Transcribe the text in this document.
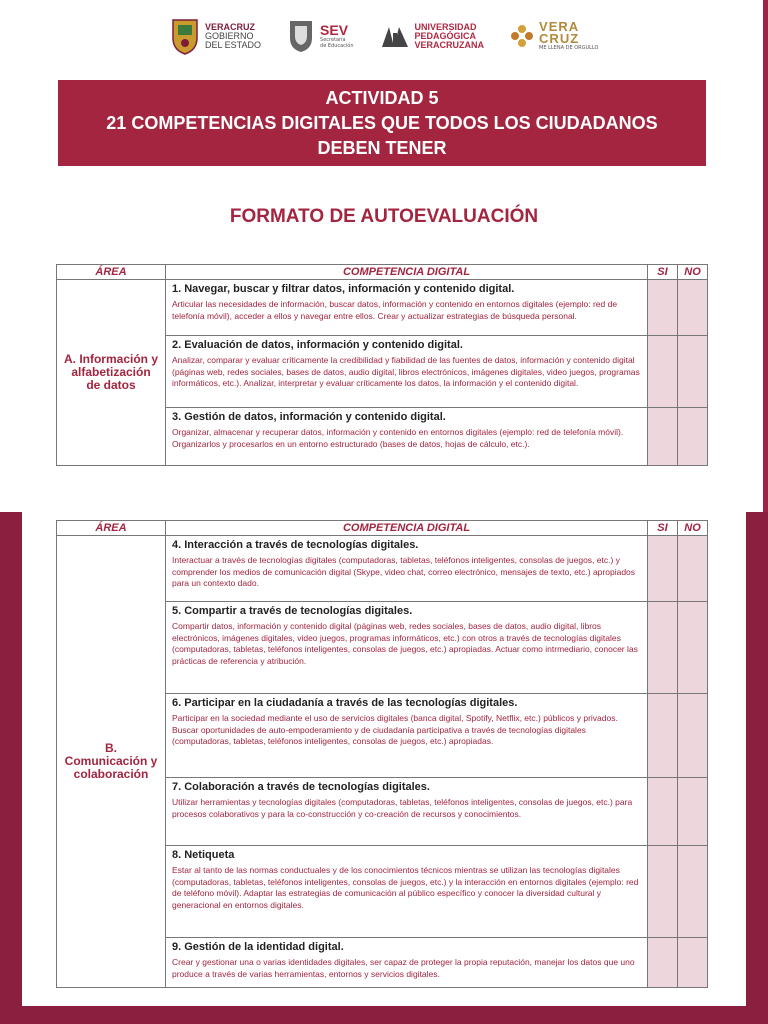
VERACRUZ
GOBIERNO
DEL ESTADO
SEV
Secretaría
de Educación
UNIVERSIDAD
PEDAGÓGICA
VERACRUZANA
VERA
CRUZ
ME LLENA DE ORGULLO
ACTIVIDAD 5
21 COMPETENCIAS DIGITALES QUE TODOS LOS CIUDADANOS
DEBEN TENER
FORMATO DE AUTOEVALUACIÓN
ÁREA	COMPETENCIA DIGITAL	SI	NO
A. Información y alfabetización de datos	1. Navegar, buscar y filtrar datos, información y contenido digital.
Articular las necesidades de información, buscar datos, información y contenido en entornos digitales (ejemplo: red de telefonía móvil), acceder a ellos y navegar entre ellos. Crear y actualizar estrategias de búsqueda personal.		

	2. Evaluación de datos, información y contenido digital.
Analizar, comparar y evaluar críticamente la credibilidad y fiabilidad de las fuentes de datos, información y contenido digital (páginas web, redes sociales, bases de datos, audio digital, libros electrónicos, imágenes digitales, video juegos, programas informáticos, etc.). Analizar, interpretar y evaluar críticamente los datos, la información y el contenido digital.		

	3. Gestión de datos, información y contenido digital.
Organizar, almacenar y recuperar datos, información y contenido en entornos digitales (ejemplo: red de telefonía móvil). Organizarlos y procesarlos en un entorno estructurado (bases de datos, hojas de cálculo, etc.).		

ÁREA	COMPETENCIA DIGITAL	SI	NO
B. Comunicación y colaboración	4. Interacción a través de tecnologías digitales.
Interactuar a través de tecnologías digitales (computadoras, tabletas, teléfonos inteligentes, consolas de juegos, etc.) y comprender los medios de comunicación digital (Skype, video chat, correo electrónico, mensajes de texto, etc.) apropiados para un contexto dado.		

	5. Compartir a través de tecnologías digitales.
Compartir datos, información y contenido digital (páginas web, redes sociales, bases de datos, audio digital, libros electrónicos, imágenes digitales, video juegos, programas informáticos, etc.) con otros a través de tecnologías digitales (computadoras, tabletas, teléfonos inteligentes, consolas de juegos, etc.) apropiadas. Actuar como intrmediario, conocer las prácticas de referencia y atribución.		

	6. Participar en la ciudadanía a través de las tecnologías digitales.
Participar en la sociedad mediante el uso de servicios digitales (banca digital, Spotify, Netflix, etc.) públicos y privados. Buscar oportunidades de auto-empoderamiento y de ciudadanía participativa a través de tecnologías digitales (computadoras, tabletas, teléfonos inteligentes, consolas de juegos, etc.) apropiadas.		

	7. Colaboración a través de tecnologías digitales.
Utilizar herramientas y tecnologías digitales (computadoras, tabletas, teléfonos inteligentes, consolas de juegos, etc.) para procesos colaborativos y para la co-construcción y co-creación de recursos y conocimientos.		

	8. Netiqueta
Estar al tanto de las normas conductuales y de los conocimientos técnicos mientras se utilizan las tecnologías digitales (computadoras, tabletas, teléfonos inteligentes, consolas de juegos, etc.) y la interacción en entornos digitales (ejemplo: red de teléfono móvil). Adaptar las estrategias de comunicación al público específico y conocer la diversidad cultural y generacional en entornos digitales.		

	9. Gestión de la identidad digital.
Crear y gestionar una o varias identidades digitales, ser capaz de proteger la propia reputación, manejar los datos que uno produce a través de varias herramientas, entornos y servicios digitales.		
